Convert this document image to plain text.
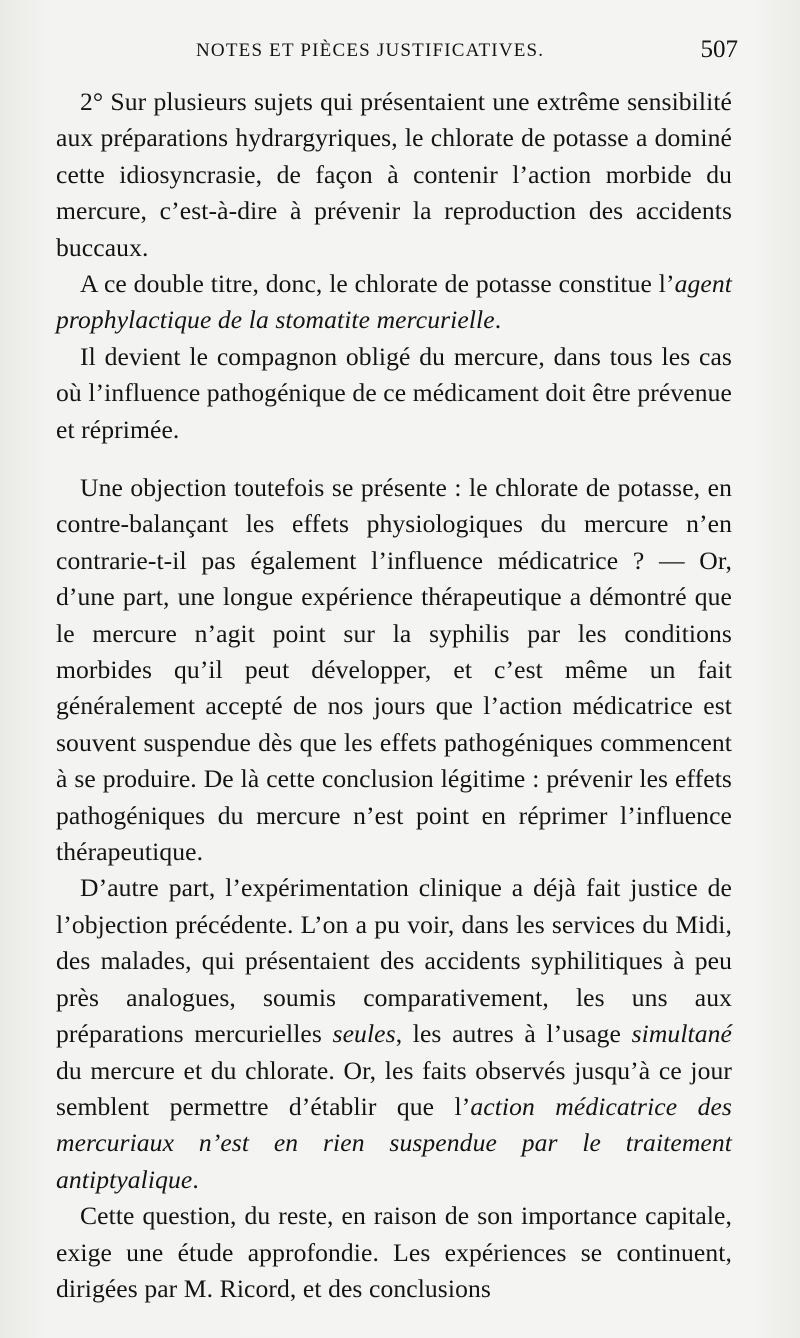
NOTES ET PIÈCES JUSTIFICATIVES.	507

2° Sur plusieurs sujets qui présentaient une extrême sensibilité aux préparations hydrargyriques, le chlorate de potasse a dominé cette idiosyncrasie, de façon à contenir l’action morbide du mercure, c’est-à-dire à prévenir la reproduction des accidents buccaux.

A ce double titre, donc, le chlorate de potasse constitue l’agent prophylactique de la stomatite mercurielle.

Il devient le compagnon obligé du mercure, dans tous les cas où l’influence pathogénique de ce médicament doit être prévenue et réprimée.

Une objection toutefois se présente : le chlorate de potasse, en contre-balançant les effets physiologiques du mercure n’en contrarie-t-il pas également l’influence médicatrice ? — Or, d’une part, une longue expérience thérapeutique a démontré que le mercure n’agit point sur la syphilis par les conditions morbides qu’il peut développer, et c’est même un fait généralement accepté de nos jours que l’action médicatrice est souvent suspendue dès que les effets pathogéniques commencent à se produire. De là cette conclusion légitime : prévenir les effets pathogéniques du mercure n’est point en réprimer l’influence thérapeutique.

D’autre part, l’expérimentation clinique a déjà fait justice de l’objection précédente. L’on a pu voir, dans les services du Midi, des malades, qui présentaient des accidents syphilitiques à peu près analogues, soumis comparativement, les uns aux préparations mercurielles seules, les autres à l’usage simultané du mercure et du chlorate. Or, les faits observés jusqu’à ce jour semblent permettre d’établir que l’action médicatrice des mercuriaux n’est en rien suspendue par le traitement antiptyalique.

Cette question, du reste, en raison de son importance capitale, exige une étude approfondie. Les expériences se continuent, dirigées par M. Ricord, et des conclusions
